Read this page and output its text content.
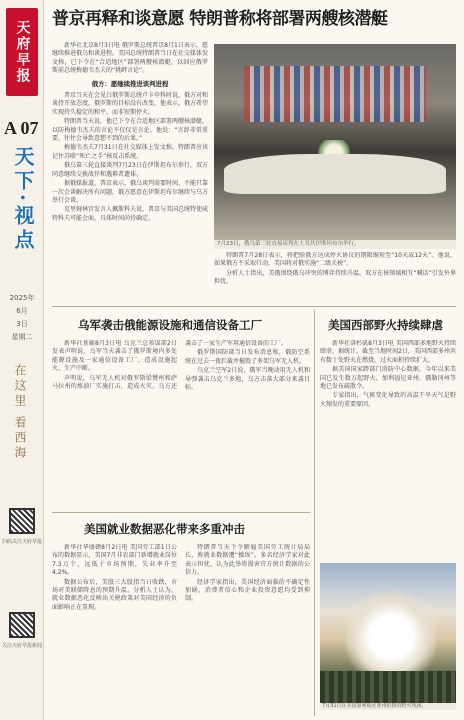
天府早报
A 07
天下·视点
2025年
6月
3日
星期二
在这里 看西海
扫码关注天府早报
关注天府早报新闻
普京再释和谈意愿 特朗普称将部署两艘核潜艇

新华社北京8月3日电 俄罗斯总统普京8月1日表示，愿继续推进俄乌和谈进程。美国总统特朗普当日在社交媒体发文称，已下令在“合适地区”部署两艘核潜艇，以回应俄罗斯前总统梅德韦杰夫的“挑衅言论”。

俄方：愿继续推进谈判进程

普京当天在会见白俄罗斯总统卢卡申科时说，俄方对和谈持开放态度，俄罗斯的目标没有改变。他表示，俄方希望实现持久稳定的和平，而非短期停火。

特朗普当天说，他已下令在合适地区部署两艘核潜艇，以防梅德韦杰夫的言论不仅仅是言论。他说：“言辞非常重要，往往会导致意想不到的后果。”

梅德韦杰夫7月31日在社交媒体上发文称，特朗普应该记住苏联“死亡之手”核反击系统。

俄乌第三轮直接谈判7月23日在伊斯坦布尔举行，双方同意继续交换战俘和遇难者遗体。

据俄媒报道，普京表示，俄乌谈判需要时间，不能只靠一次会谈解决所有问题，俄方愿意在伊斯坦布尔继续与乌方举行会谈。

克里姆林宫发言人佩斯科夫说，普京与美国总统特使威特科夫可能会面，具体时间尚待确定。

7月23日，俄乌第三轮直接谈判在土耳其伊斯坦布尔举行。

特朗普7月28日表示，将把给俄方达成停火协议的期限缩短至“10天或12天”。他说，如果俄方不采取行动，美国将对俄实施“二级关税”。

分析人士指出，美俄围绕俄乌冲突的博弈持续升温，双方在核领域相互“喊话”引发外界担忧。

乌军袭击俄能源设施和通信设备工厂

新华社基辅8月3日电 乌克兰总参谋部2日发表声明说，乌军当天袭击了俄罗斯境内多处能源设施及一家通信设备工厂，造成设施起火、生产中断。

声明说，乌军无人机对俄罗斯梁赞州和萨马拉州的炼油厂实施打击，造成火灾。乌方还袭击了一家生产军用通信设备的工厂。

俄罗斯国防部当日发布消息称，俄防空系统在过去一夜拦截并摧毁了多架乌军无人机。

乌克兰空军2日说，俄军当晚动用无人机和导弹袭击乌克兰多地，乌方击落大部分来袭目标。

美国西部野火持续肆虐

新华社洛杉矶8月3日电 美国西部多地野火持续肆虐。据统计，截至当地时间2日，美国西部多州共有数十处野火在燃烧，过火面积持续扩大。

据美国国家跨部门消防中心数据，今年以来美国已发生数万起野火。加利福尼亚州、俄勒冈州等地已发布疏散令。

专家指出，气候变化导致的高温干旱天气是野火频发的重要原因。

7月31日在美国加利福尼亚州拍摄的野火现场。
美国就业数据恶化带来多重冲击

新华社华盛顿8月2日电 美国劳工部1日公布的数据显示，美国7月非农部门新增就业岗位7.3万个，远低于市场预期，失业率升至4.2%。

数据公布后，美股三大股指当日收跌，市场对美联储降息的预期升温。分析人士认为，就业数据恶化反映出关税政策对美国经济的负面影响正在显现。

特朗普当天下令解雇美国劳工统计局局长，称就业数据遭“操纵”。多名经济学家对此表示担忧，认为此举将损害官方统计数据的公信力。

经济学家指出，美国经济面临的不确定性加剧，消费者信心和企业投资意愿均受到抑制。
